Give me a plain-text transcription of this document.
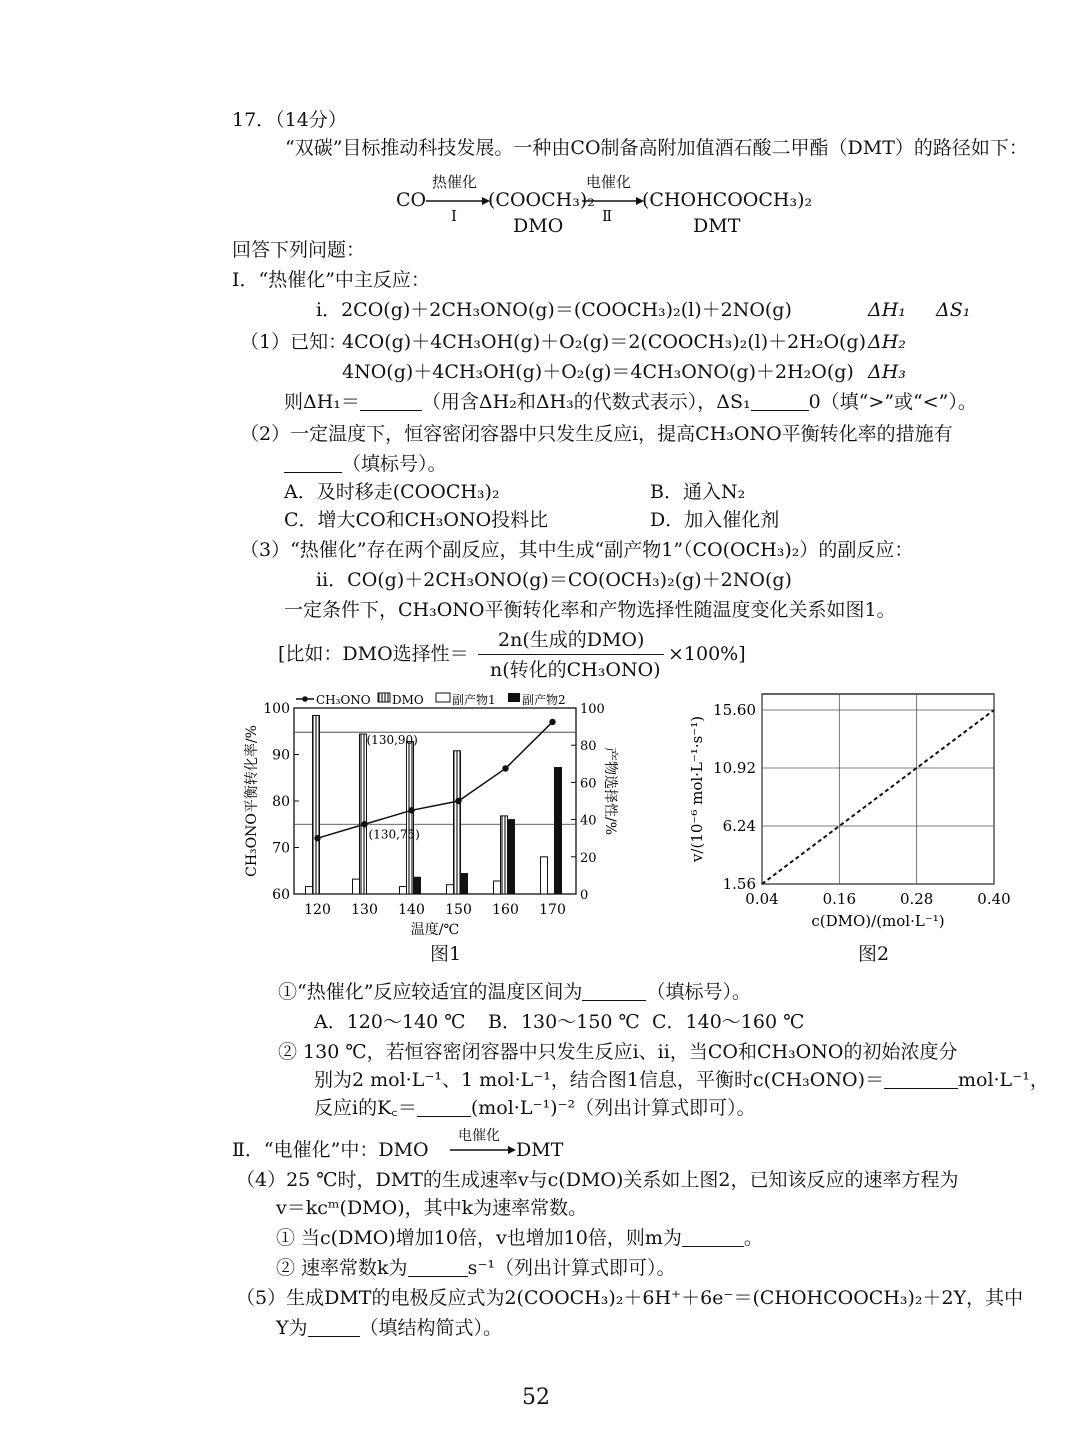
17．（14分）
“双碳”目标推动科技发展。一种由CO制备高附加值酒石酸二甲酯（DMT）的路径如下：
CO
热催化
Ⅰ
(COOCH₃)₂
DMO
电催化
Ⅱ
(CHOHCOOCH₃)₂
DMT
回答下列问题：
Ⅰ．“热催化”中主反应：
i．2CO(g)＋2CH₃ONO(g)＝(COOCH₃)₂(l)＋2NO(g)	ΔH₁ ΔS₁
（1）已知：
4CO(g)＋4CH₃OH(g)＋O₂(g)＝2(COOCH₃)₂(l)＋2H₂O(g) ΔH₂
4NO(g)＋4CH₃OH(g)＋O₂(g)＝4CH₃ONO(g)＋2H₂O(g) ΔH₃
则ΔH₁＝	（用含ΔH₂和ΔH₃的代数式表示），ΔS₁	0（填“>”或“<”）。
（2）一定温度下，恒容密闭容器中只发生反应i，提高CH₃ONO平衡转化率的措施有
（填标号）。
A．及时移走(COOCH₃)₂	B．通入N₂
C．增大CO和CH₃ONO投料比	D．加入催化剂
（3）“热催化”存在两个副反应，其中生成“副产物1”（CO(OCH₃)₂）的副反应：
ii．CO(g)＋2CH₃ONO(g)＝CO(OCH₃)₂(g)＋2NO(g)
一定条件下，CH₃ONO平衡转化率和产物选择性随温度变化关系如图1。
[比如：DMO选择性＝
2n(生成的DMO)
n(转化的CH₃ONO)
×100%]
60
70
80
90
100
0
20
40
60
80
100
120 130 140 150 160 170
温度/℃
CH₃ONO平衡转化率/%	产物选择性/%
(130,90)
(130,75)
CH₃ONO DMO 副产物1 副产物2
图1
0.04	0.16	0.28	0.40
1.56
6.24
10.92
15.60
c(DMO)/(mol·L⁻¹)
v/(10⁻⁶ mol·L⁻¹·s⁻¹)
图2
①“热催化”反应较适宜的温度区间为	（填标号）。
A．120～140 ℃ B．130～150 ℃ C．140～160 ℃
② 130 ℃，若恒容密闭容器中只发生反应i、ii，当CO和CH₃ONO的初始浓度分
别为2 mol·L⁻¹、1 mol·L⁻¹，结合图1信息，平衡时c(CH₃ONO)＝	mol·L⁻¹，
反应i的K꜀＝	(mol·L⁻¹)⁻²（列出计算式即可）。
Ⅱ．“电催化”中：DMO
电催化
DMT
（4）25 ℃时，DMT的生成速率v与c(DMO)关系如上图2，已知该反应的速率方程为
v＝kcᵐ(DMO)，其中k为速率常数。
① 当c(DMO)增加10倍，v也增加10倍，则m为	。
② 速率常数k为	s⁻¹（列出计算式即可）。
（5）生成DMT的电极反应式为2(COOCH₃)₂＋6H⁺＋6e⁻＝(CHOHCOOCH₃)₂＋2Y，其中
Y为	（填结构简式）。
52
